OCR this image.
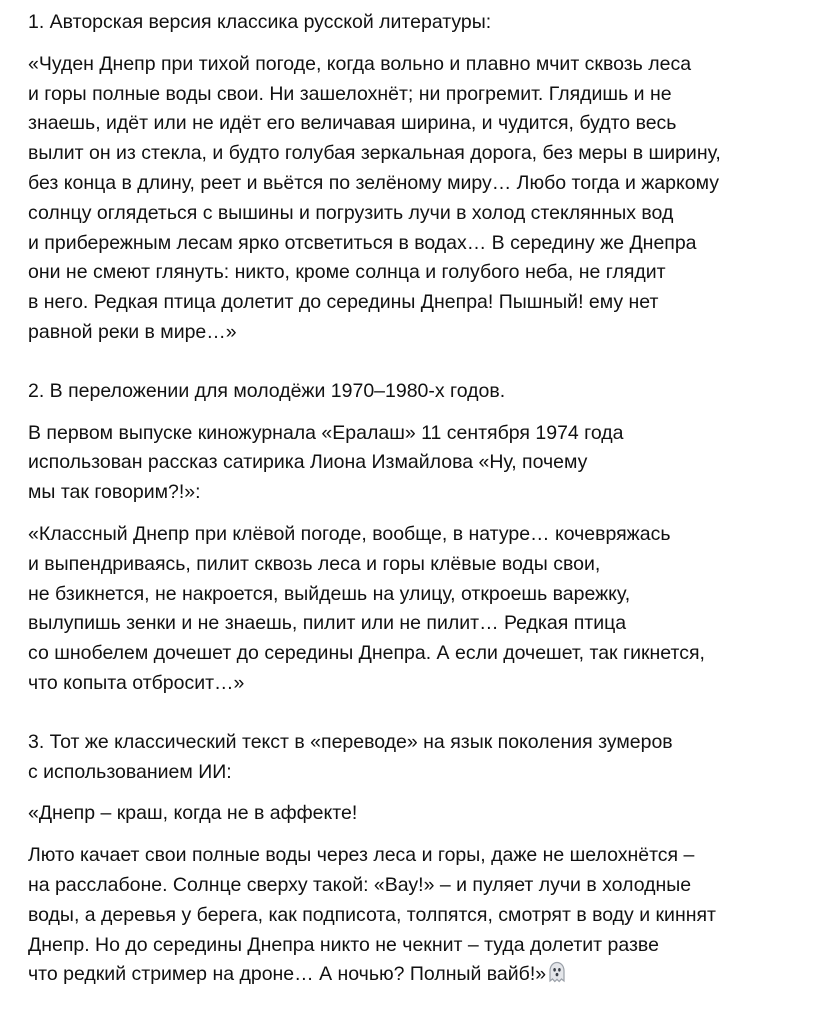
1. Авторская версия классика русской литературы:

«Чуден Днепр при тихой погоде, когда вольно и плавно мчит сквозь леса
и горы полные воды свои. Ни зашелохнёт; ни прогремит. Глядишь и не
знаешь, идёт или не идёт его величавая ширина, и чудится, будто весь
вылит он из стекла, и будто голубая зеркальная дорога, без меры в ширину,
без конца в длину, реет и вьётся по зелёному миру… Любо тогда и жаркому
солнцу оглядеться с вышины и погрузить лучи в холод стеклянных вод
и прибережным лесам ярко отсветиться в водах… В середину же Днепра
они не смеют глянуть: никто, кроме солнца и голубого неба, не глядит
в него. Редкая птица долетит до середины Днепра! Пышный! ему нет
равной реки в мире…»

2. В переложении для молодёжи 1970–1980-х годов.

В первом выпуске киножурнала «Ералаш» 11 сентября 1974 года
использован рассказ сатирика Лиона Измайлова «Ну, почему
мы так говорим?!»:

«Классный Днепр при клёвой погоде, вообще, в натуре… кочевряжась
и выпендриваясь, пилит сквозь леса и горы клёвые воды свои,
не бзикнется, не накроется, выйдешь на улицу, откроешь варежку,
вылупишь зенки и не знаешь, пилит или не пилит… Редкая птица
со шнобелем дочешет до середины Днепра. А если дочешет, так гикнется,
что копыта отбросит…»

3. Тот же классический текст в «переводе» на язык поколения зумеров
с использованием ИИ:

«Днепр – краш, когда не в аффекте!

Люто качает свои полные воды через леса и горы, даже не шелохнётся –
на расслабоне. Солнце сверху такой: «Вау!» – и пуляет лучи в холодные
воды, а деревья у берега, как подписота, толпятся, смотрят в воду и киннят
Днепр. Но до середины Днепра никто не чекнит – туда долетит разве
что редкий стример на дроне… А ночью? Полный вайб!»
